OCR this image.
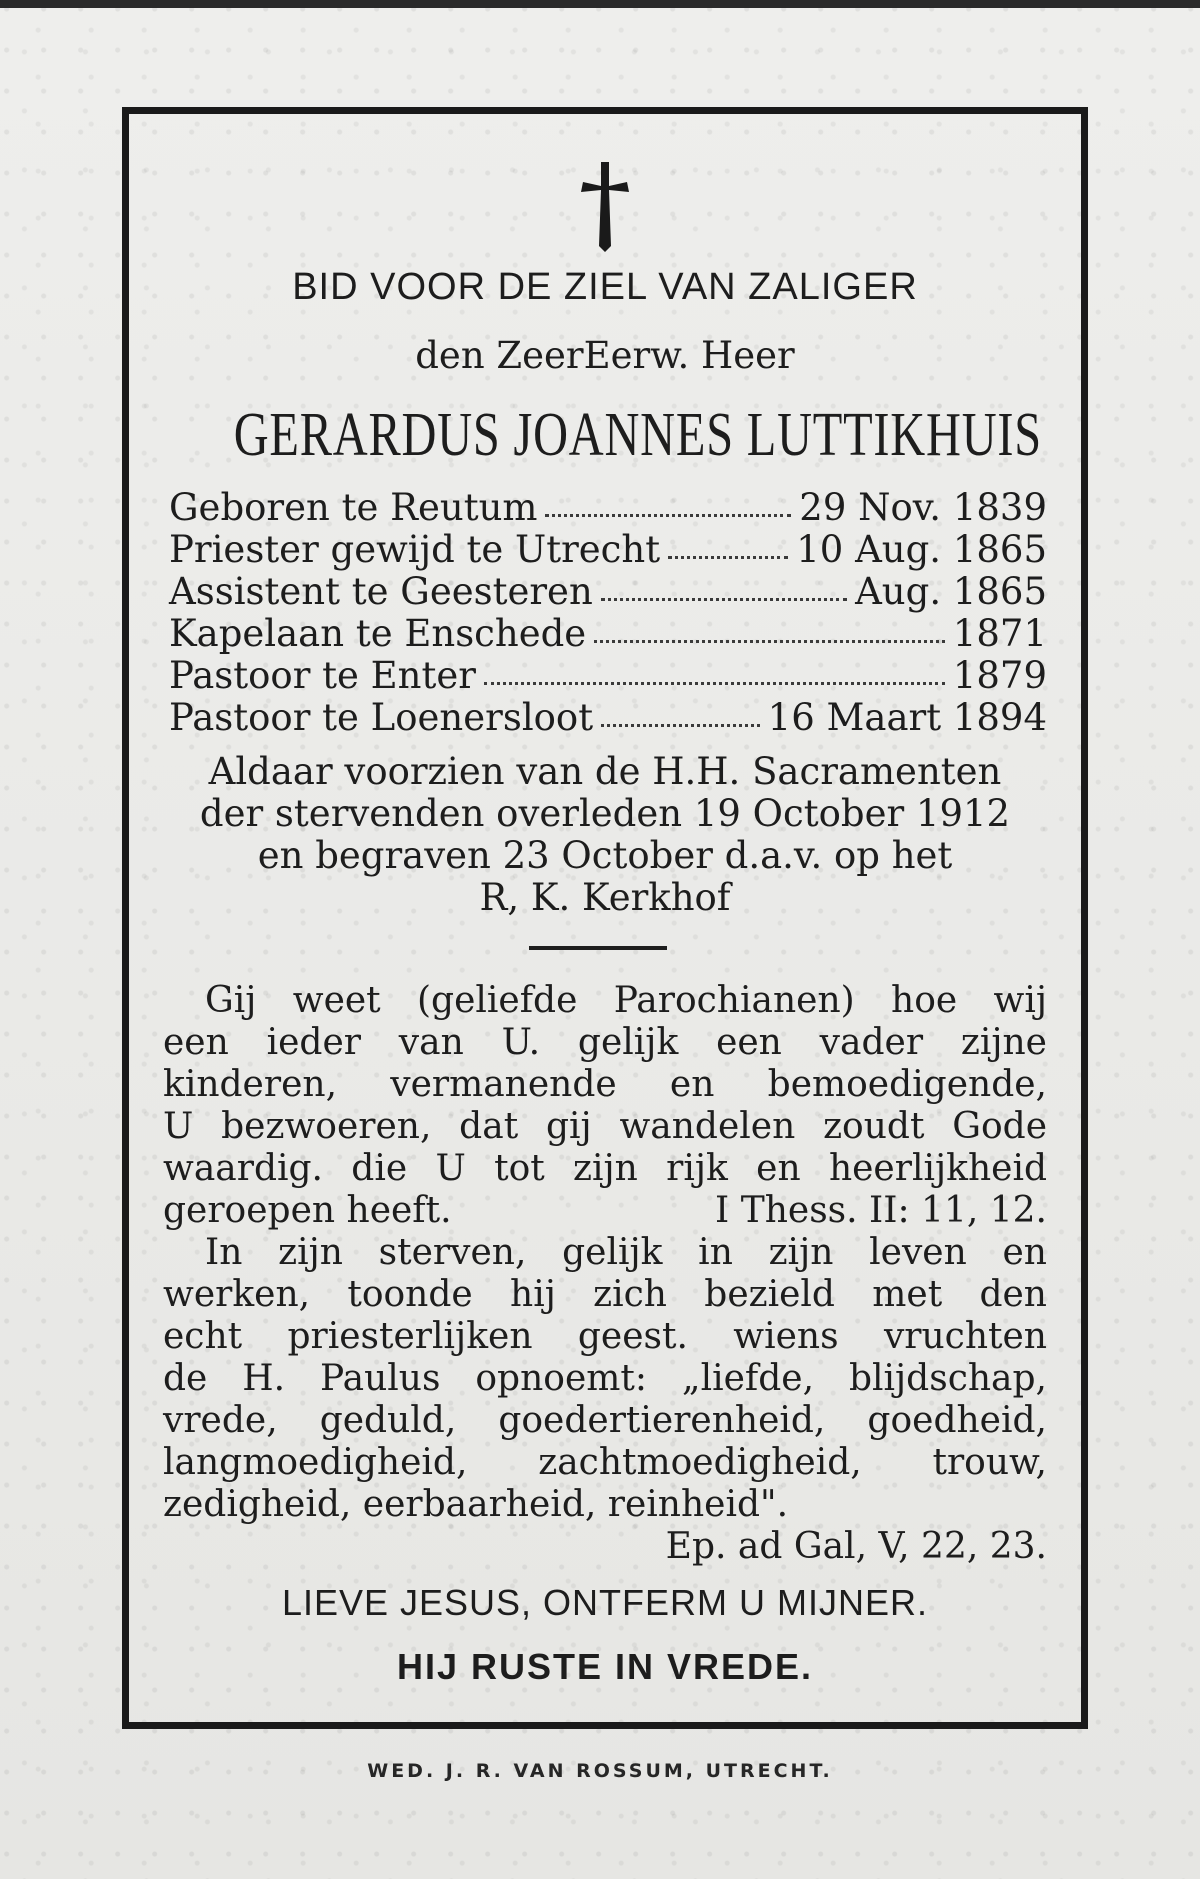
BID VOOR DE ZIEL VAN ZALIGER
den ZeerEerw. Heer
GERARDUS JOANNES LUTTIKHUIS
Geboren te Reutum	29 Nov. 1839
Priester gewijd te Utrecht	10 Aug. 1865
Assistent te Geesteren	Aug. 1865
Kapelaan te Enschede	1871
Pastoor te Enter	1879
Pastoor te Loenersloot	16 Maart 1894
Aldaar voorzien van de H.H. Sacramenten
der stervenden overleden 19 October 1912
en begraven 23 October d.a.v. op het
R, K. Kerkhof
Gij weet (geliefde Parochianen) hoe wij
een ieder van U. gelijk een vader zijne
kinderen, vermanende en bemoedigende,
U bezwoeren, dat gij wandelen zoudt Gode
waardig. die U tot zijn rijk en heerlijkheid
geroepen heeft.	I Thess. II: 11, 12.
In zijn sterven, gelijk in zijn leven en
werken, toonde hij zich bezield met den
echt priesterlijken geest. wiens vruchten
de H. Paulus opnoemt: „liefde, blijdschap,
vrede, geduld, goedertierenheid, goedheid,
langmoedigheid, zachtmoedigheid, trouw,
zedigheid, eerbaarheid, reinheid".
Ep. ad Gal, V, 22, 23.
LIEVE JESUS, ONTFERM U MIJNER.
HIJ RUSTE IN VREDE.
WED. J. R. VAN ROSSUM, UTRECHT.
